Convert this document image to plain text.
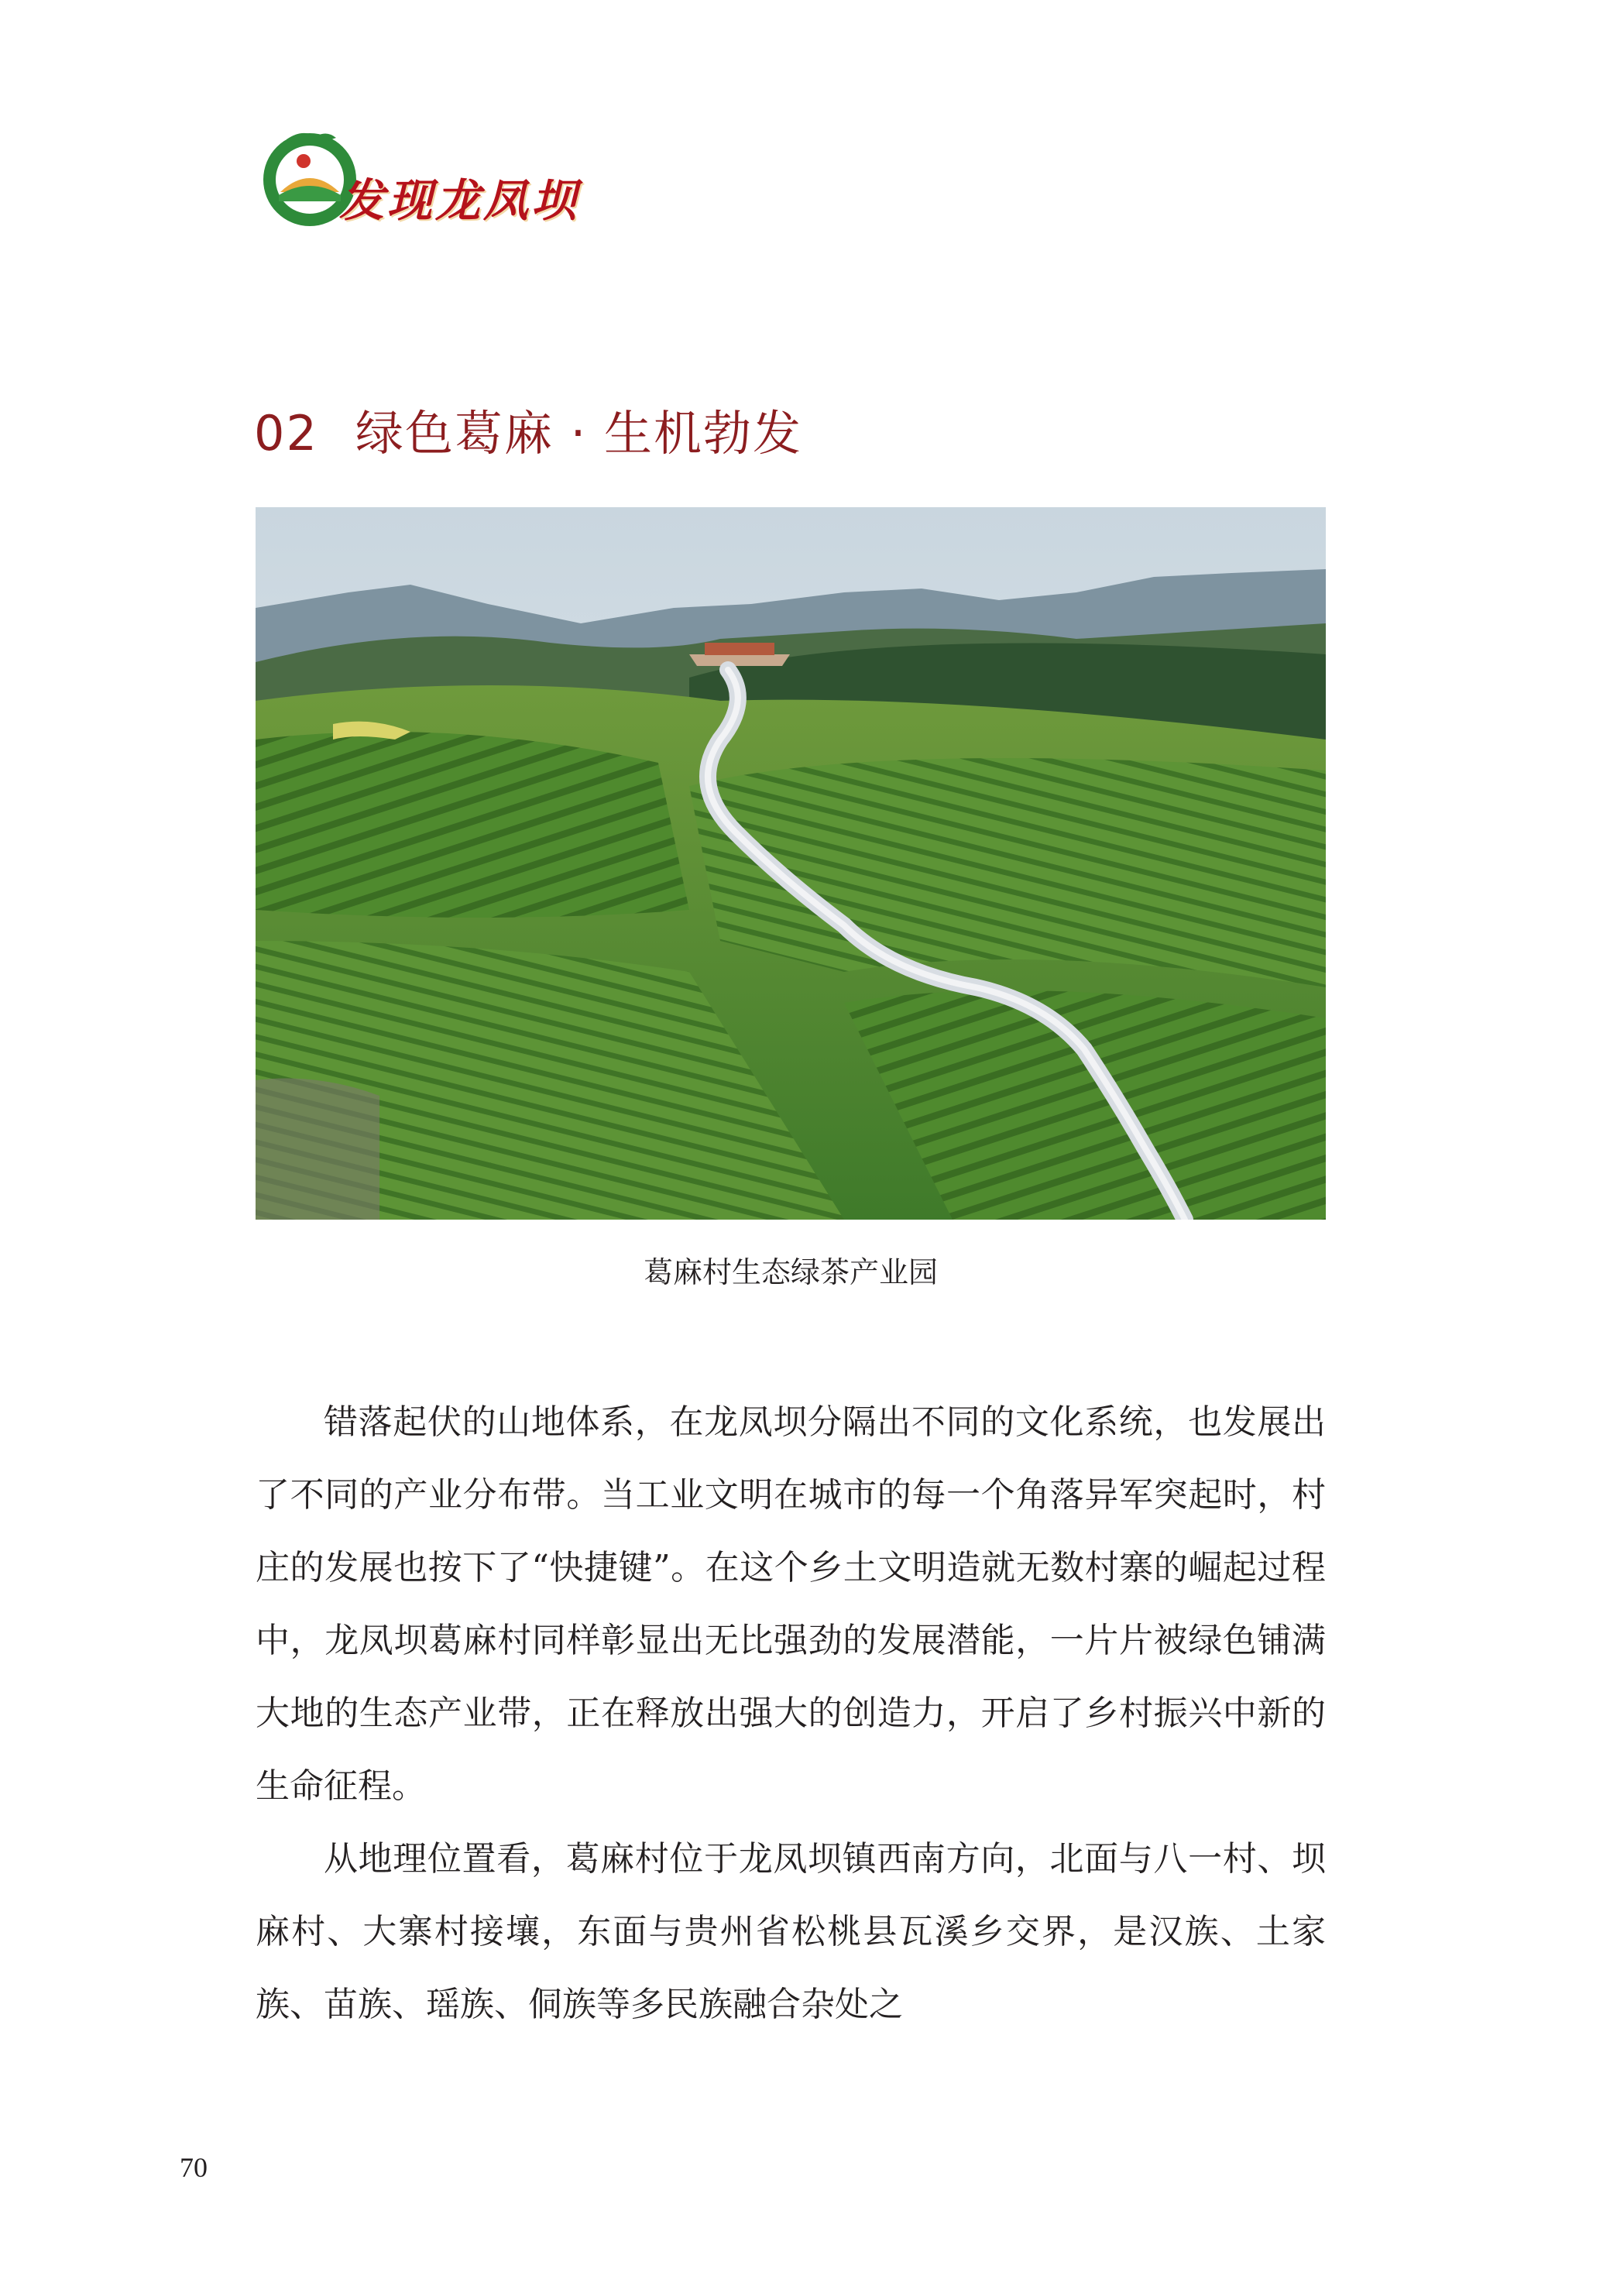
发现龙凤坝
02 绿色葛麻 · 生机勃发
葛麻村生态绿茶产业园

错落起伏的山地体系，在龙凤坝分隔出不同的文化系统，也发展出了不同的产业分布带。当工业文明在城市的每一个角落异军突起时，村庄的发展也按下了“快捷键”。在这个乡土文明造就无数村寨的崛起过程中，龙凤坝葛麻村同样彰显出无比强劲的发展潜能，一片片被绿色铺满大地的生态产业带，正在释放出强大的创造力，开启了乡村振兴中新的生命征程。

从地理位置看，葛麻村位于龙凤坝镇西南方向，北面与八一村、坝麻村、大寨村接壤，东面与贵州省松桃县瓦溪乡交界，是汉族、土家族、苗族、瑶族、侗族等多民族融合杂处之

70
